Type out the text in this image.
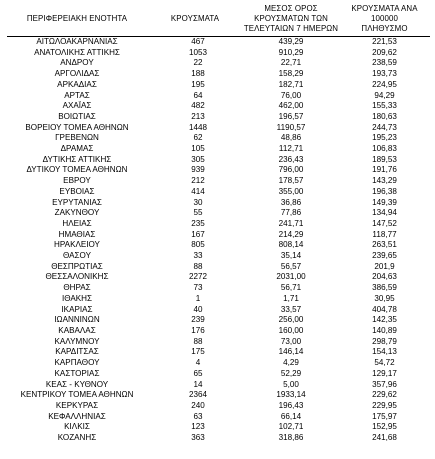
ΠΕΡΙΦΕΡΕΙΑΚΗ ΕΝΟΤΗΤΑ	ΚΡΟΥΣΜΑΤΑ	ΜΕΣΟΣ ΟΡΟΣ
ΚΡΟΥΣΜΑΤΩΝ ΤΩΝ
ΤΕΛΕΥΤΑΙΩΝ 7 ΗΜΕΡΩΝ	ΚΡΟΥΣΜΑΤΑ ΑΝΑ 100000
ΠΛΗΘΥΣΜΟ

ΑΙΤΩΛΟΑΚΑΡΝΑΝΙΑΣ	467	439,29	221,53
ΑΝΑΤΟΛΙΚΗΣ ΑΤΤΙΚΗΣ	1053	910,29	209,62
ΑΝΔΡΟΥ	22	22,71	238,59
ΑΡΓΟΛΙΔΑΣ	188	158,29	193,73
ΑΡΚΑΔΙΑΣ	195	182,71	224,95
ΑΡΤΑΣ	64	76,00	94,29
ΑΧΑΪΑΣ	482	462,00	155,33
ΒΟΙΩΤΙΑΣ	213	196,57	180,63
ΒΟΡΕΙΟΥ ΤΟΜΕΑ ΑΘΗΝΩΝ	1448	1190,57	244,73
ΓΡΕΒΕΝΩΝ	62	48,86	195,23
ΔΡΑΜΑΣ	105	112,71	106,83
ΔΥΤΙΚΗΣ ΑΤΤΙΚΗΣ	305	236,43	189,53
ΔΥΤΙΚΟΥ ΤΟΜΕΑ ΑΘΗΝΩΝ	939	796,00	191,76
ΕΒΡΟΥ	212	178,57	143,29
ΕΥΒΟΙΑΣ	414	355,00	196,38
ΕΥΡΥΤΑΝΙΑΣ	30	36,86	149,39
ΖΑΚΥΝΘΟΥ	55	77,86	134,94
ΗΛΕΙΑΣ	235	241,71	147,52
ΗΜΑΘΙΑΣ	167	214,29	118,77
ΗΡΑΚΛΕΙΟΥ	805	808,14	263,51
ΘΑΣΟΥ	33	35,14	239,65
ΘΕΣΠΡΩΤΙΑΣ	88	56,57	201,9
ΘΕΣΣΑΛΟΝΙΚΗΣ	2272	2031,00	204,63
ΘΗΡΑΣ	73	56,71	386,59
ΙΘΑΚΗΣ	1	1,71	30,95
ΙΚΑΡΙΑΣ	40	33,57	404,78
ΙΩΑΝΝΙΝΩΝ	239	256,00	142,35
ΚΑΒΑΛΑΣ	176	160,00	140,89
ΚΑΛΥΜΝΟΥ	88	73,00	298,79
ΚΑΡΔΙΤΣΑΣ	175	146,14	154,13
ΚΑΡΠΑΘΟΥ	4	4,29	54,72
ΚΑΣΤΟΡΙΑΣ	65	52,29	129,17
ΚΕΑΣ - ΚΥΘΝΟΥ	14	5,00	357,96
ΚΕΝΤΡΙΚΟΥ ΤΟΜΕΑ ΑΘΗΝΩΝ	2364	1933,14	229,62
ΚΕΡΚΥΡΑΣ	240	196,43	229,95
ΚΕΦΑΛΛΗΝΙΑΣ	63	66,14	175,97
ΚΙΛΚΙΣ	123	102,71	152,95
ΚΟΖΑΝΗΣ	363	318,86	241,68
